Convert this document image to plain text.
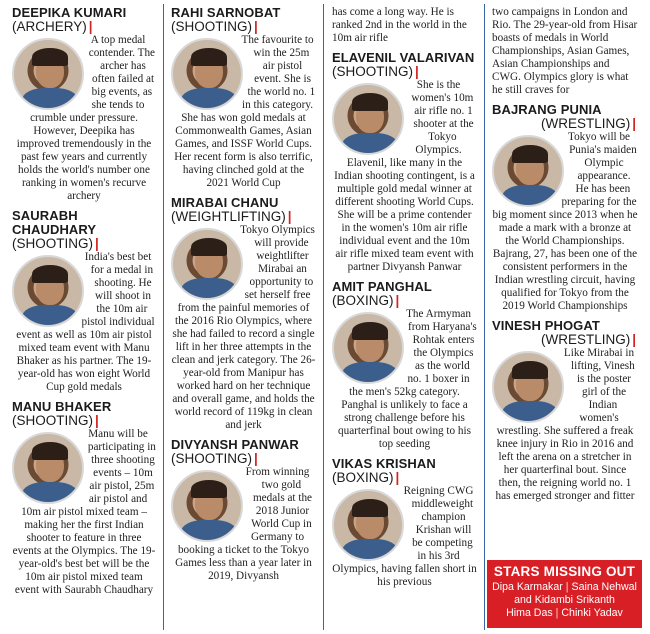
DEEPIKA KUMARI
(ARCHERY) |
A top medal contender. The archer has often failed at big events, as she tends to crumble under pressure. However, Deepika has improved tremendously in the past few years and currently holds the world's number one ranking in women's recurve archery
SAURABH CHAUDHARY
(SHOOTING) |
India's best bet for a medal in shooting. He will shoot in the 10m air pistol individual event as well as 10m air pistol mixed team event with Manu Bhaker as his partner. The 19-year-old has won eight World Cup gold medals
MANU BHAKER
(SHOOTING) |
Manu will be participating in three shooting events – 10m air pistol, 25m air pistol and 10m air pistol mixed team – making her the first Indian shooter to feature in three events at the Olympics. The 19-year-old's best bet will be the 10m air pistol mixed team event with Saurabh Chaudhary
RAHI SARNOBAT
(SHOOTING) |
The favourite to win the 25m air pistol event. She is the world no. 1 in this category. She has won gold medals at Commonwealth Games, Asian Games, and ISSF World Cups. Her recent form is also terrific, having clinched gold at the 2021 World Cup
MIRABAI CHANU
(WEIGHTLIFTING) |
Tokyo Olympics will provide weightlifter Mirabai an opportunity to set herself free from the painful memories of the 2016 Rio Olympics, where she had failed to record a single lift in her three attempts in the clean and jerk category. The 26-year-old from Manipur has worked hard on her technique and overall game, and holds the world record of 119kg in clean and jerk
DIVYANSH PANWAR
(SHOOTING) |
From winning two gold medals at the 2018 Junior World Cup in Germany to booking a ticket to the Tokyo Games less than a year later in 2019, Divyansh
has come a long way. He is ranked 2nd in the world in the 10m air rifle
ELAVENIL VALARIVAN
(SHOOTING) |
She is the women's 10m air rifle no. 1 shooter at the Tokyo Olympics. Elavenil, like many in the Indian shooting contingent, is a multiple gold medal winner at different shooting World Cups. She will be a prime contender in the women's 10m air rifle individual event and the 10m air rifle mixed team event with partner Divyansh Panwar
AMIT PANGHAL
(BOXING) |
The Armyman from Haryana's Rohtak enters the Olympics as the world no. 1 boxer in the men's 52kg category. Panghal is unlikely to face a strong challenge before his quarterfinal bout owing to his top seeding
VIKAS KRISHAN
(BOXING) |
Reigning CWG middleweight champion Krishan will be competing in his 3rd Olympics, having fallen short in his previous
two campaigns in London and Rio. The 29-year-old from Hisar boasts of medals in World Championships, Asian Games, Asian Championships and CWG. Olympics glory is what he still craves for
BAJRANG PUNIA
(WRESTLING) |
Tokyo will be Punia's maiden Olympic appearance. He has been preparing for the big moment since 2013 when he made a mark with a bronze at the World Championships. Bajrang, 27, has been one of the consistent performers in the Indian wrestling circuit, having qualified for Tokyo from the 2019 World Championships
VINESH PHOGAT
(WRESTLING) |
Like Mirabai in lifting, Vinesh is the poster girl of the Indian women's wrestling. She suffered a freak knee injury in Rio in 2016 and left the arena on a stretcher in her quarterfinal bout. Since then, the reigning world no. 1 has emerged stronger and fitter
STARS MISSING OUT
Dipa Karmakar | Saina Nehwal
and Kidambi Srikanth
Hima Das | Chinki Yadav
